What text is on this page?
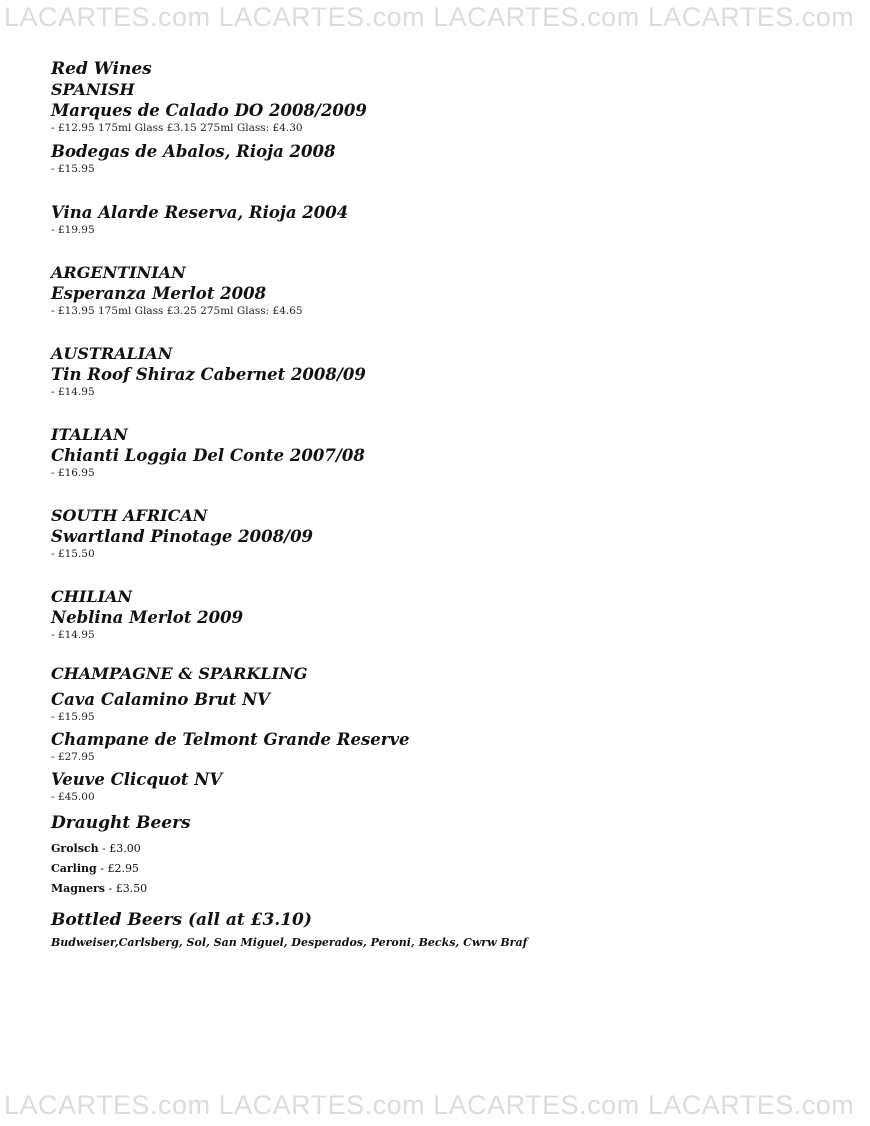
LACARTES.com LACARTES.com LACARTES.com LACARTES.com
Red Wines
SPANISH
Marques de Calado DO 2008/2009
- £12.95 175ml Glass £3.15 275ml Glass: £4.30
Bodegas de Abalos, Rioja 2008
- £15.95
Vina Alarde Reserva, Rioja 2004
- £19.95
ARGENTINIAN
Esperanza Merlot 2008
- £13.95 175ml Glass £3.25 275ml Glass: £4.65
AUSTRALIAN
Tin Roof Shiraz Cabernet 2008/09
- £14.95
ITALIAN
Chianti Loggia Del Conte 2007/08
- £16.95
SOUTH AFRICAN
Swartland Pinotage 2008/09
- £15.50
CHILIAN
Neblina Merlot 2009
- £14.95
CHAMPAGNE & SPARKLING
Cava Calamino Brut NV
- £15.95
Champane de Telmont Grande Reserve
- £27.95
Veuve Clicquot NV
- £45.00
Draught Beers
Grolsch - £3.00
Carling - £2.95
Magners - £3.50
Bottled Beers (all at £3.10)
Budweiser,Carlsberg, Sol, San Miguel, Desperados, Peroni, Becks, Cwrw Braf
LACARTES.com LACARTES.com LACARTES.com LACARTES.com
